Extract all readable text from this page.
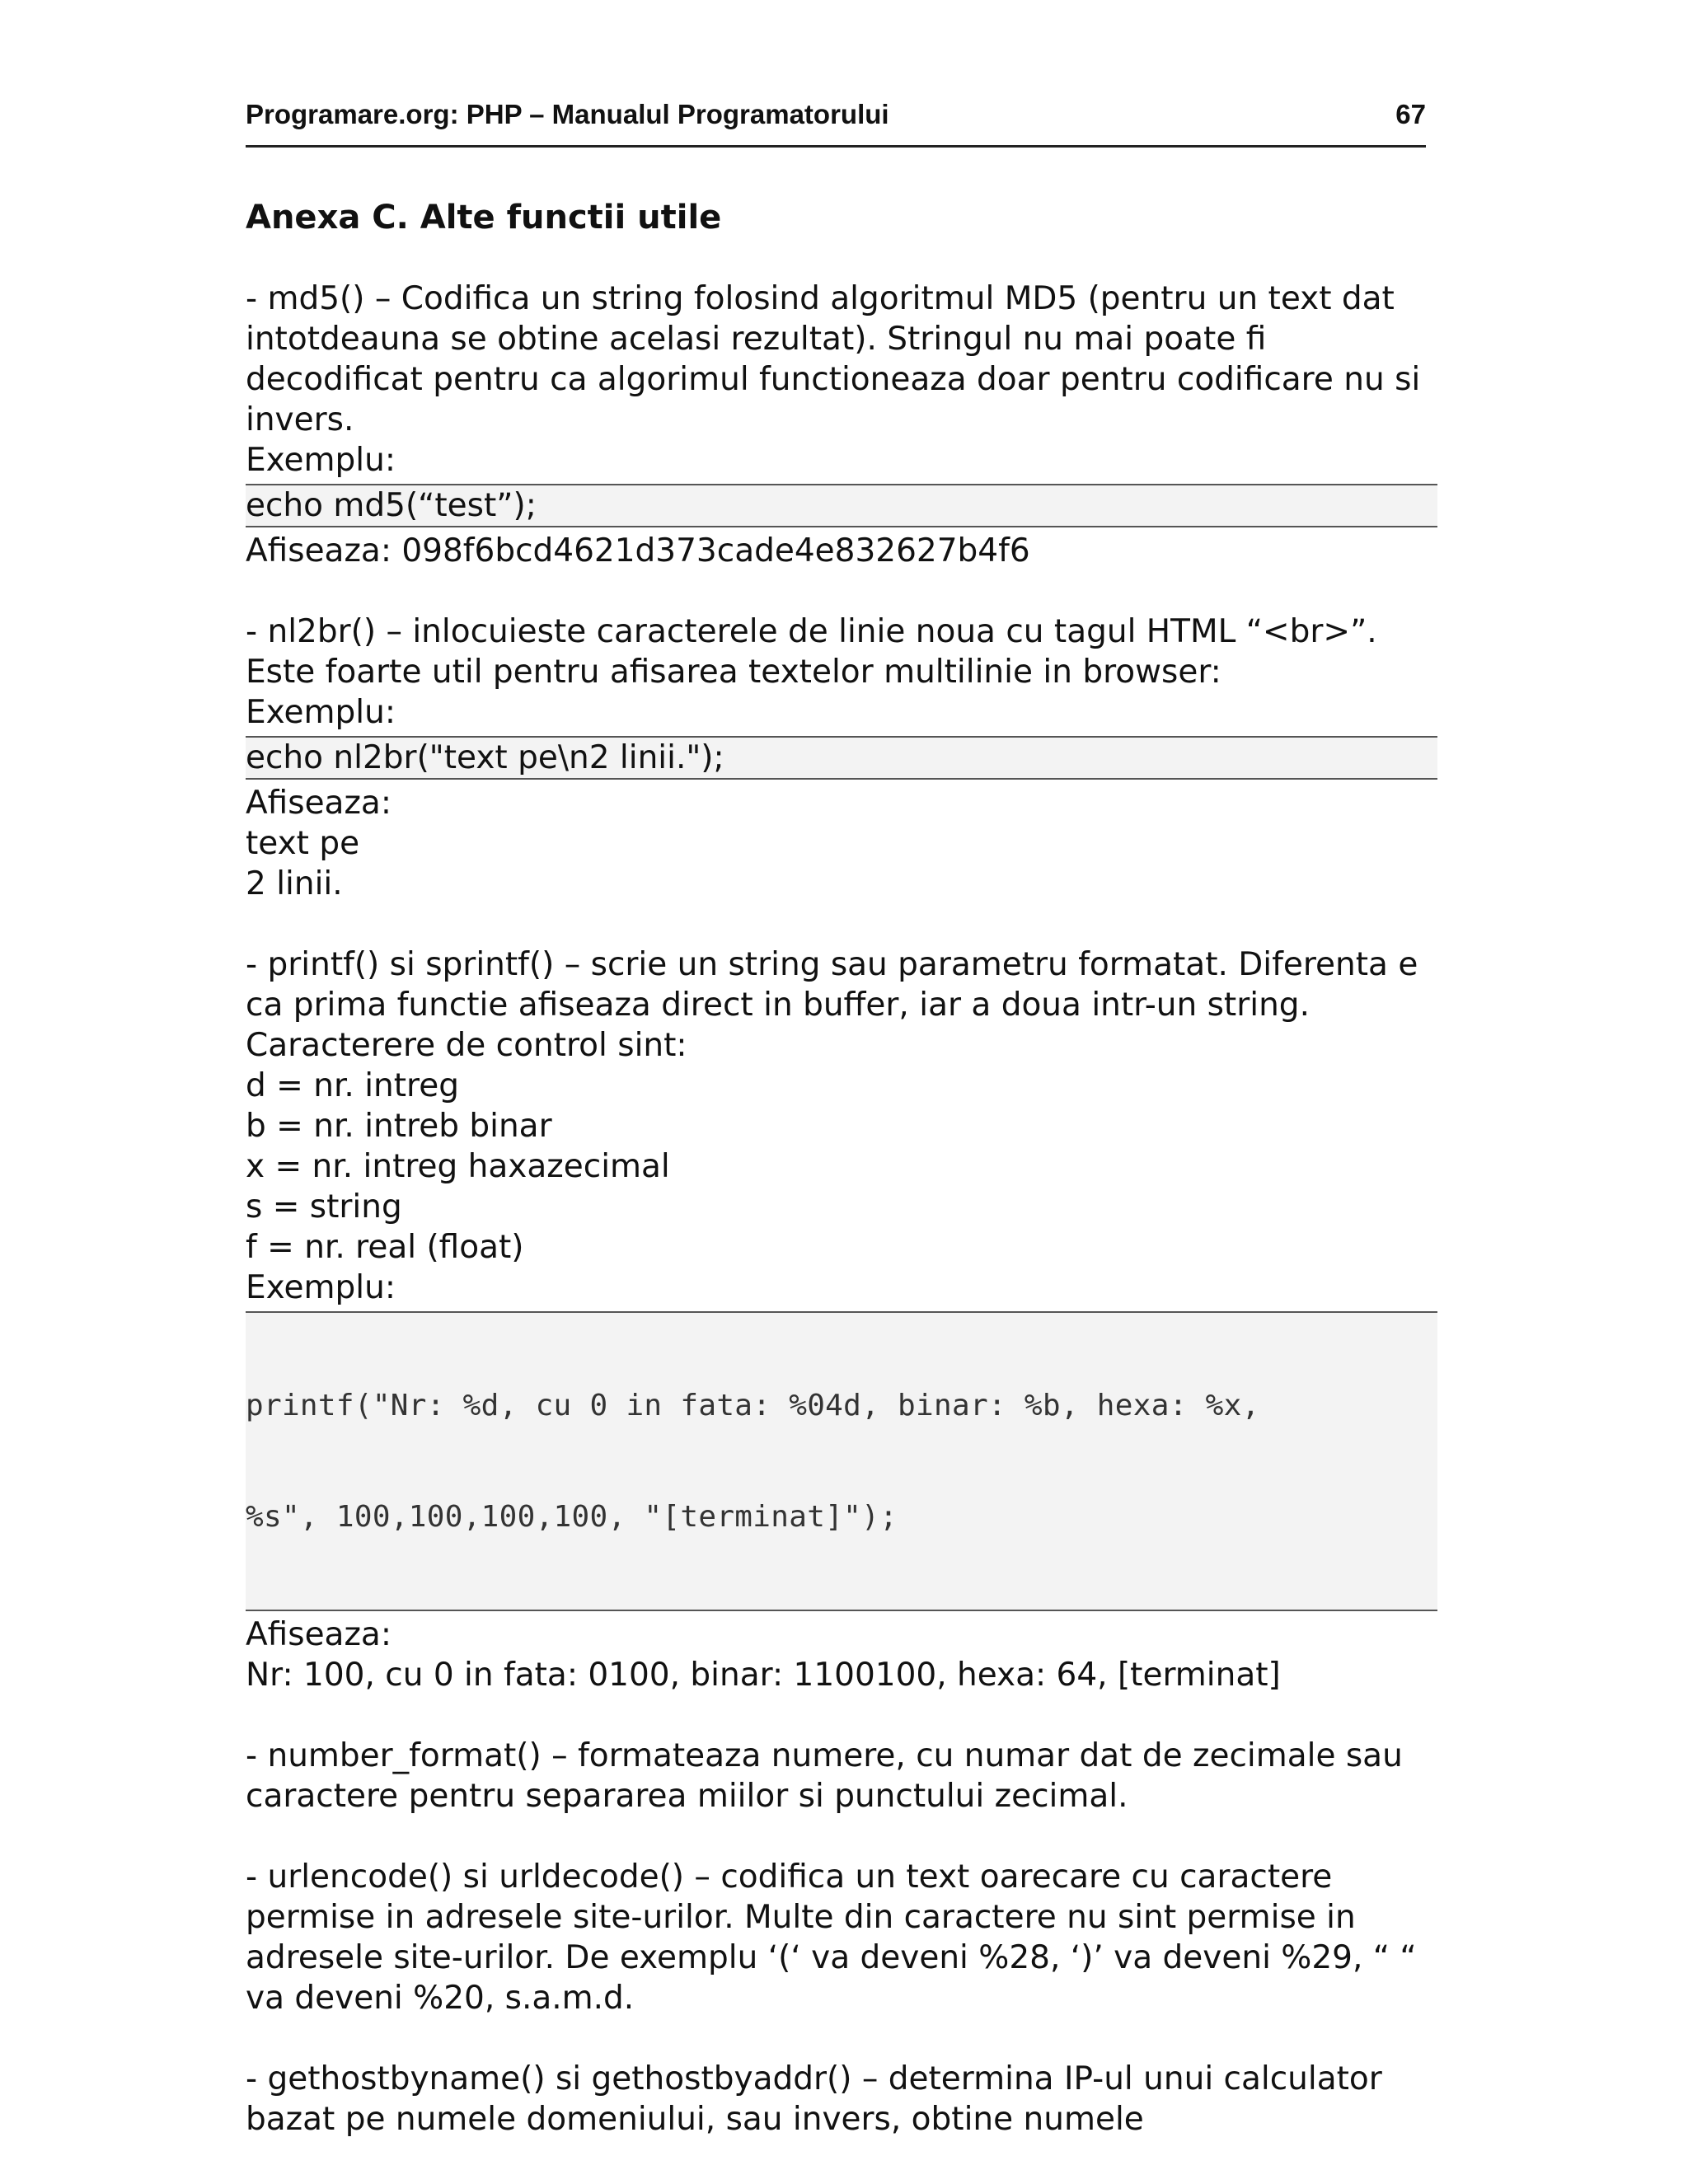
Programare.org: PHP – Manualul Programatorului	67
Anexa C. Alte functii utile

- md5() – Codifica un string folosind algoritmul MD5 (pentru un text dat intotdeauna se obtine acelasi rezultat). Stringul nu mai poate fi decodificat pentru ca algorimul functioneaza doar pentru codificare nu si invers.

Exemplu:

echo md5(“test”);

Afiseaza: 098f6bcd4621d373cade4e832627b4f6

- nl2br() – inlocuieste caracterele de linie noua cu tagul HTML “<br>”. Este foarte util pentru afisarea textelor multilinie in browser:

Exemplu:

echo nl2br("text pe\n2 linii.");

Afiseaza:

text pe

2 linii.

- printf() si sprintf() – scrie un string sau parametru formatat. Diferenta e ca prima functie afiseaza direct in buffer, iar a doua intr-un string.

Caracterere de control sint:

d = nr. intreg

b = nr. intreb binar

x = nr. intreg haxazecimal

s = string

f = nr. real (float)

Exemplu:

printf("Nr: %d, cu 0 in fata: %04d, binar: %b, hexa: %x,

%s", 100,100,100,100, "[terminat]");

Afiseaza:

Nr: 100, cu 0 in fata: 0100, binar: 1100100, hexa: 64, [terminat]

- number_format() – formateaza numere, cu numar dat de zecimale sau caractere pentru separarea miilor si punctului zecimal.

- urlencode() si urldecode() – codifica un text oarecare cu caractere permise in adresele site-urilor. Multe din caractere nu sint permise in adresele site-urilor. De exemplu ‘(‘ va deveni %28, ‘)’ va deveni %29, “ “ va deveni %20, s.a.m.d.

- gethostbyname() si gethostbyaddr() – determina IP-ul unui calculator bazat pe numele domeniului, sau invers, obtine numele
